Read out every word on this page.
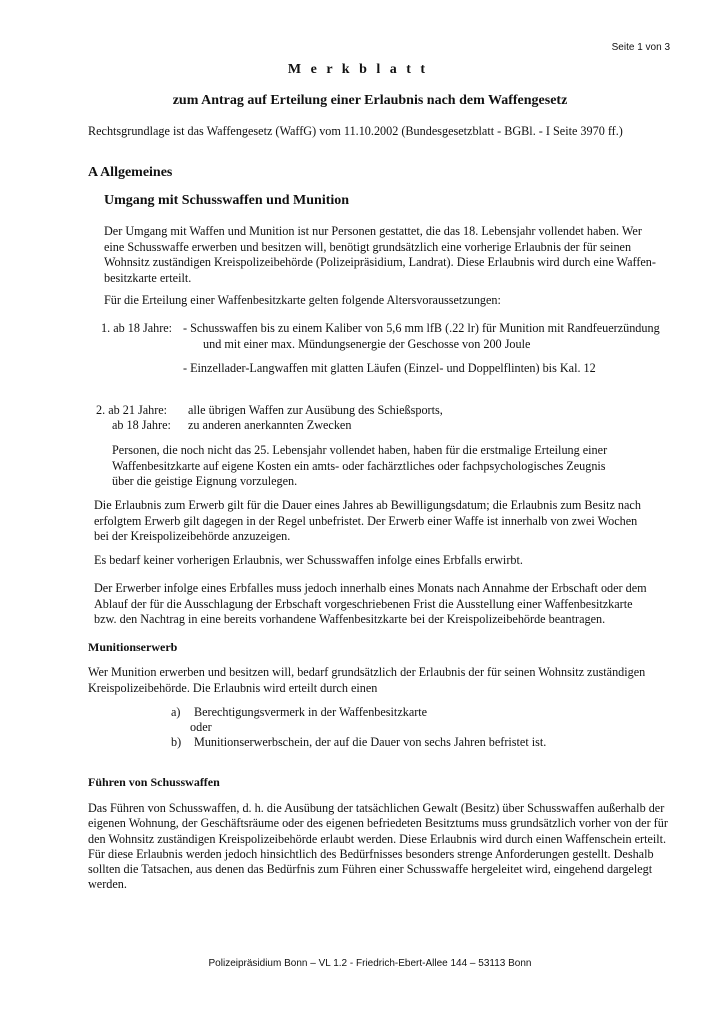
Seite 1 von 3
M e r k b l a t t
zum Antrag auf Erteilung einer Erlaubnis nach dem Waffengesetz
Rechtsgrundlage ist das Waffengesetz (WaffG) vom 11.10.2002 (Bundesgesetzblatt - BGBl. - I Seite 3970 ff.)
A Allgemeines
Umgang mit Schusswaffen und Munition
Der Umgang mit Waffen und Munition ist nur Personen gestattet, die das 18. Lebensjahr vollendet haben. Wer
eine Schusswaffe erwerben und besitzen will, benötigt grundsätzlich eine vorherige Erlaubnis der für seinen
Wohnsitz zuständigen Kreispolizeibehörde (Polizeipräsidium, Landrat). Diese Erlaubnis wird durch eine Waffen-
besitzkarte erteilt.
Für die Erteilung einer Waffenbesitzkarte gelten folgende Altersvoraussetzungen:
1. ab 18 Jahre: - Schusswaffen bis zu einem Kaliber von 5,6 mm lfB (.22 lr) für Munition mit Randfeuerzündung
und mit einer max. Mündungsenergie der Geschosse von 200 Joule
- Einzellader-Langwaffen mit glatten Läufen (Einzel- und Doppelflinten) bis Kal. 12
2. ab 21 Jahre: alle übrigen Waffen zur Ausübung des Schießsports,
ab 18 Jahre: zu anderen anerkannten Zwecken
Personen, die noch nicht das 25. Lebensjahr vollendet haben, haben für die erstmalige Erteilung einer
Waffenbesitzkarte auf eigene Kosten ein amts- oder fachärztliches oder fachpsychologisches Zeugnis
über die geistige Eignung vorzulegen.
Die Erlaubnis zum Erwerb gilt für die Dauer eines Jahres ab Bewilligungsdatum; die Erlaubnis zum Besitz nach
erfolgtem Erwerb gilt dagegen in der Regel unbefristet. Der Erwerb einer Waffe ist innerhalb von zwei Wochen
bei der Kreispolizeibehörde anzuzeigen.
Es bedarf keiner vorherigen Erlaubnis, wer Schusswaffen infolge eines Erbfalls erwirbt.
Der Erwerber infolge eines Erbfalles muss jedoch innerhalb eines Monats nach Annahme der Erbschaft oder dem
Ablauf der für die Ausschlagung der Erbschaft vorgeschriebenen Frist die Ausstellung einer Waffenbesitzkarte
bzw. den Nachtrag in eine bereits vorhandene Waffenbesitzkarte bei der Kreispolizeibehörde beantragen.
Munitionserwerb
Wer Munition erwerben und besitzen will, bedarf grundsätzlich der Erlaubnis der für seinen Wohnsitz zuständigen
Kreispolizeibehörde. Die Erlaubnis wird erteilt durch einen
a) Berechtigungsvermerk in der Waffenbesitzkarte
oder
b) Munitionserwerbschein, der auf die Dauer von sechs Jahren befristet ist.
Führen von Schusswaffen
Das Führen von Schusswaffen, d. h. die Ausübung der tatsächlichen Gewalt (Besitz) über Schusswaffen außerhalb der
eigenen Wohnung, der Geschäftsräume oder des eigenen befriedeten Besitztums muss grundsätzlich vorher von der für
den Wohnsitz zuständigen Kreispolizeibehörde erlaubt werden. Diese Erlaubnis wird durch einen Waffenschein erteilt.
Für diese Erlaubnis werden jedoch hinsichtlich des Bedürfnisses besonders strenge Anforderungen gestellt. Deshalb
sollten die Tatsachen, aus denen das Bedürfnis zum Führen einer Schusswaffe hergeleitet wird, eingehend dargelegt
werden.
Polizeipräsidium Bonn – VL 1.2 - Friedrich-Ebert-Allee 144 – 53113 Bonn
